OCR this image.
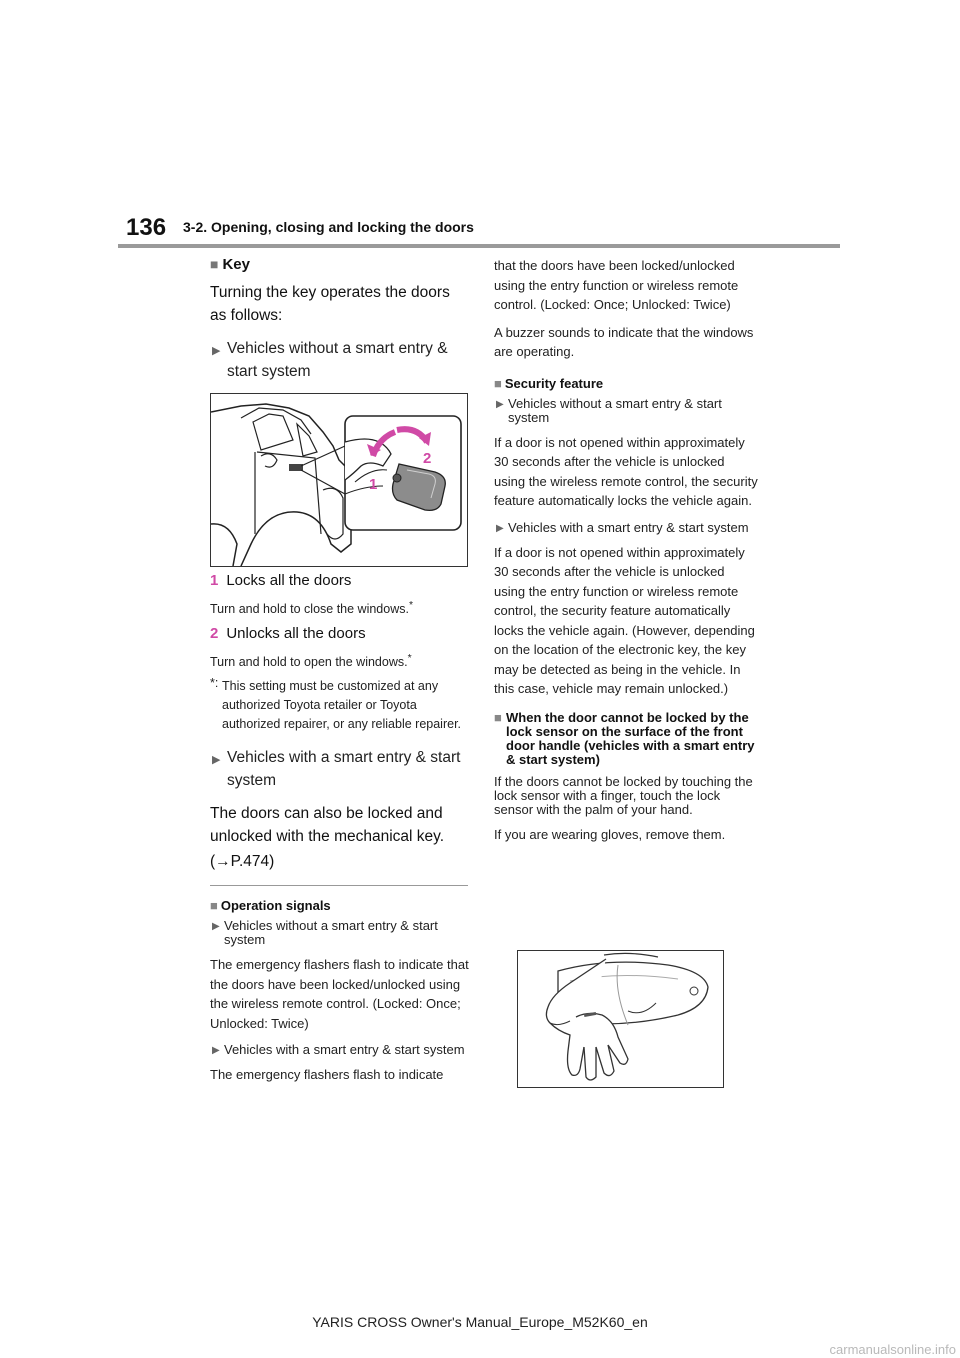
136 3-2. Opening, closing and locking the doors
■ Key

Turning the key operates the doors as follows:

▶ Vehicles without a smart entry & start system

1
2

1 Locks all the doors

Turn and hold to close the windows.*

2 Unlocks all the doors

Turn and hold to open the windows.*

*: This setting must be customized at any authorized Toyota retailer or Toyota authorized repairer, or any reliable repairer.

▶ Vehicles with a smart entry & start system

The doors can also be locked and unlocked with the mechanical key.

(→P.474)

■ Operation signals

▶ Vehicles without a smart entry & start system

The emergency flashers flash to indicate that the doors have been locked/unlocked using the wireless remote control. (Locked: Once; Unlocked: Twice)

▶ Vehicles with a smart entry & start system

The emergency flashers flash to indicate

that the doors have been locked/unlocked using the entry function or wireless remote control. (Locked: Once; Unlocked: Twice)

A buzzer sounds to indicate that the windows are operating.

■ Security feature

▶ Vehicles without a smart entry & start system

If a door is not opened within approximately 30 seconds after the vehicle is unlocked using the wireless remote control, the security feature automatically locks the vehicle again.

▶ Vehicles with a smart entry & start system

If a door is not opened within approximately 30 seconds after the vehicle is unlocked using the entry function or wireless remote control, the security feature automatically locks the vehicle again. (However, depending on the location of the electronic key, the key may be detected as being in the vehicle. In this case, vehicle may remain unlocked.)

■ When the door cannot be locked by the lock sensor on the surface of the front door handle (vehicles with a smart entry & start system)

If the doors cannot be locked by touching the lock sensor with a finger, touch the lock sensor with the palm of your hand.

If you are wearing gloves, remove them.

YARIS CROSS Owner's Manual_Europe_M52K60_en
carmanualsonline.info
